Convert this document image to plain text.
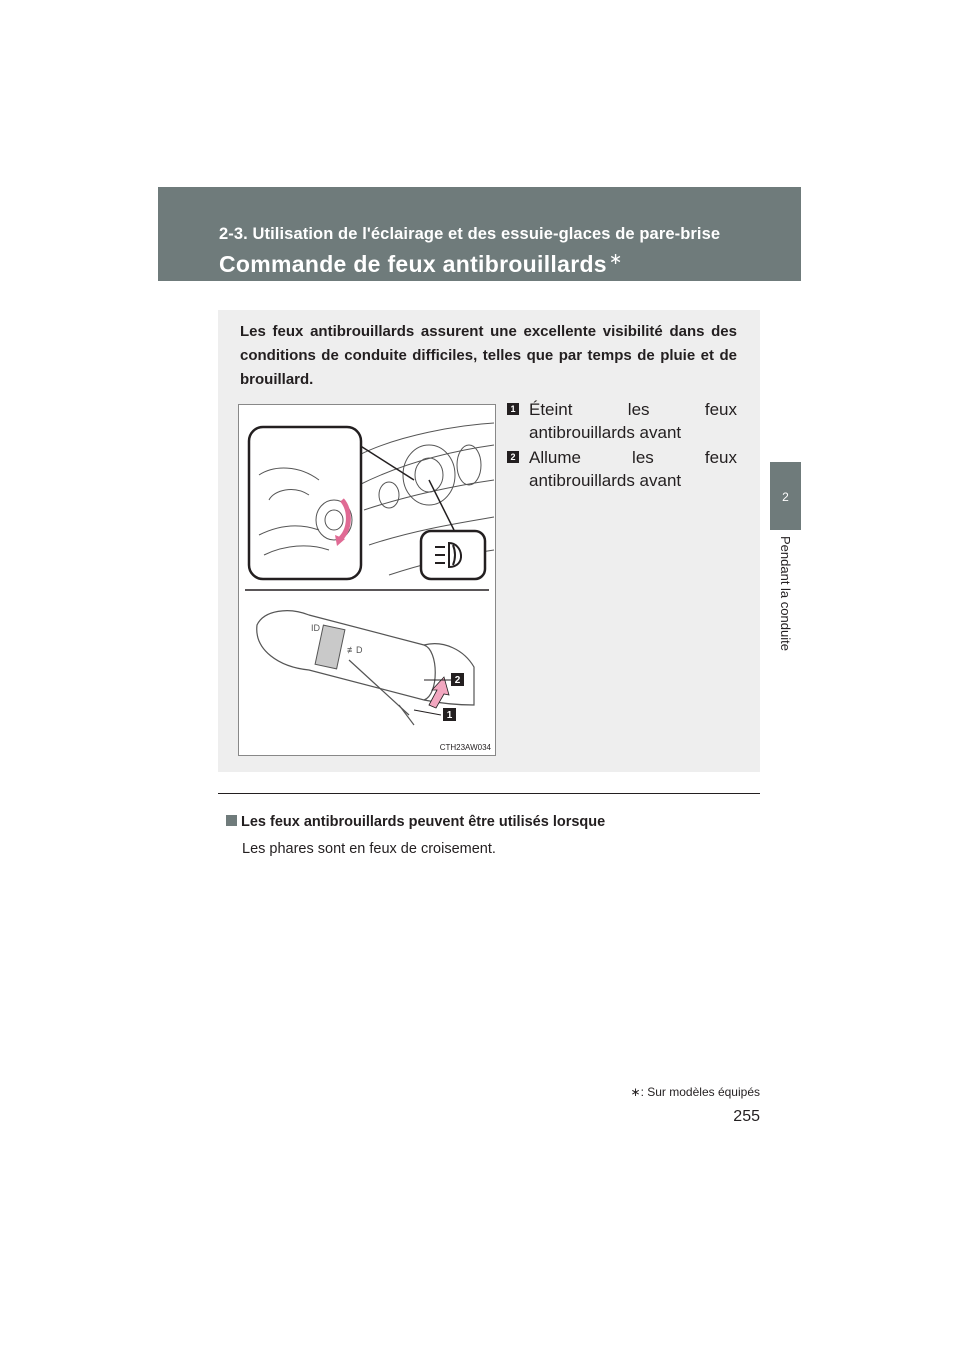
2-3. Utilisation de l'éclairage et des essuie-glaces de pare-brise
Commande de feux antibrouillards ∗
2
Pendant la conduite
Les feux antibrouillards assurent une excellente visibilité dans des conditions de conduite difficiles, telles que par temps de pluie et de brouillard.
⁠ID
≢D
2
1
CTH23AW034
1 Éteint les feux antibrouillards avant
2 Allume les feux antibrouillards avant
Les feux antibrouillards peuvent être utilisés lorsque
Les phares sont en feux de croisement.
∗: Sur modèles équipés
255
